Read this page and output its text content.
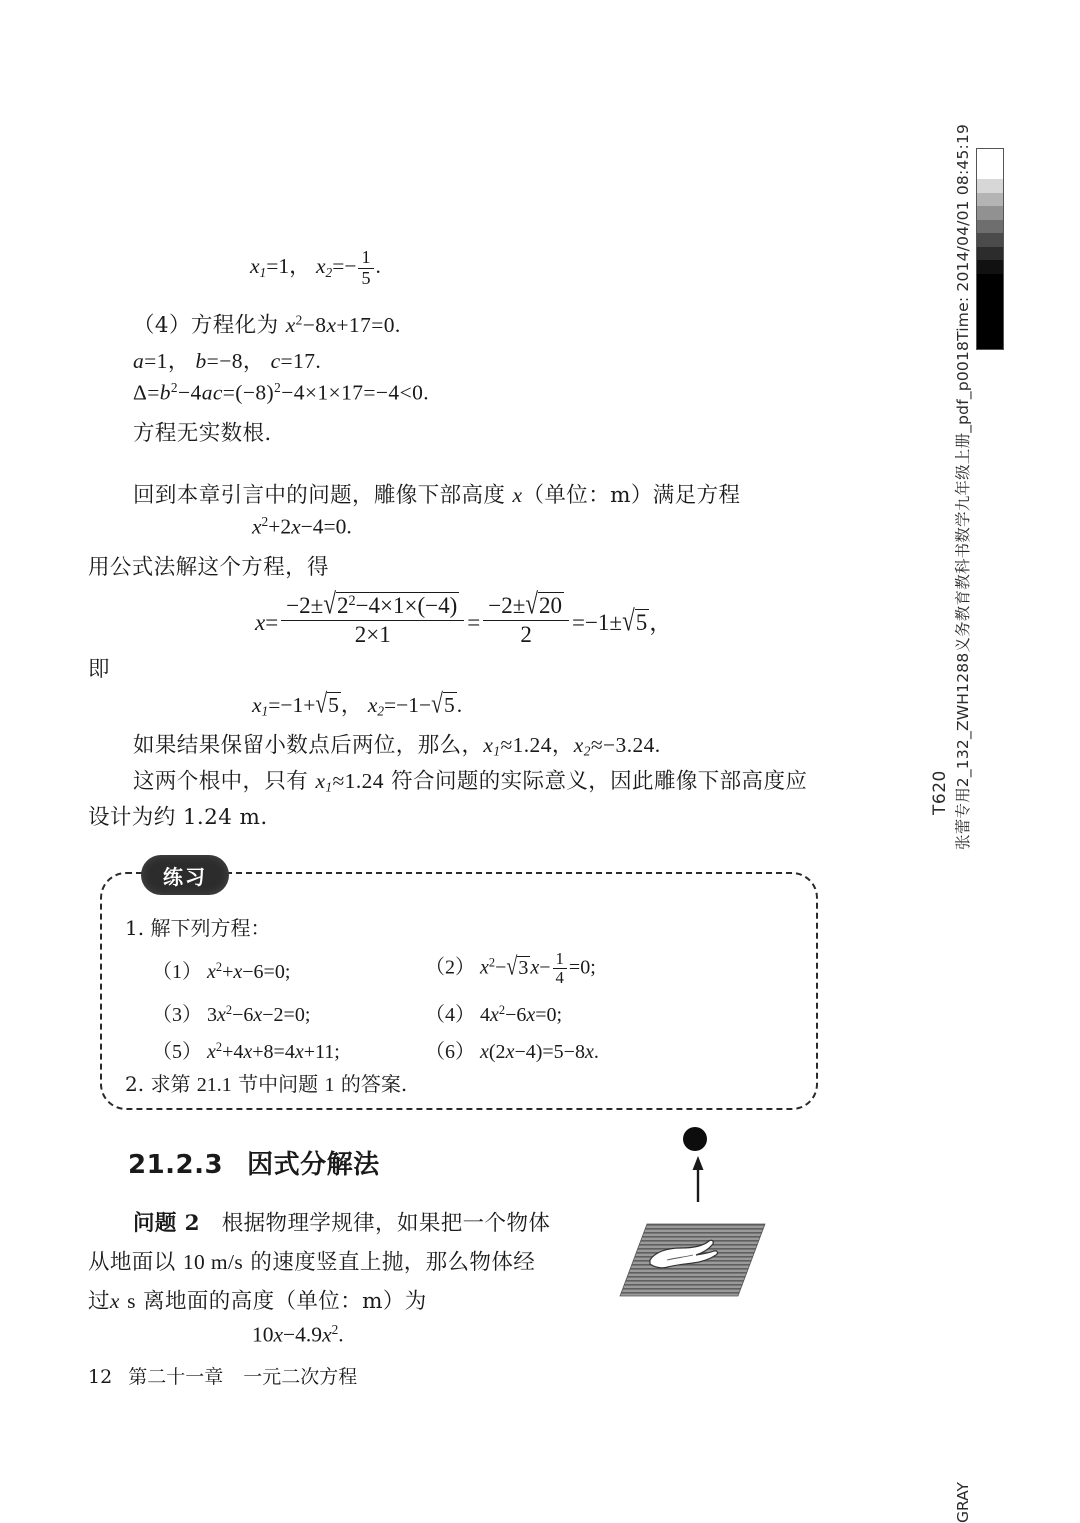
T620 张蕾专用2_132_ZWH1288义务教育教科书数学九年级上册_pdf_p0018Time: 2014/04/01 08:45:19
GRAY
$x_1=1$， $x_2=- \frac{1}{5}$ .
（4）方程化为 $x^2-8x+17=0$.
a=1， b=−8， c=17.
$\Delta=b^2-4ac=(-8)^2-4\times 1\times 17=-4<0$.
方程无实数根.
回到本章引言中的问题，雕像下部高度 x（单位：m）满足方程
$x^2+2x-4=0$.
用公式法解这个方程，得
$x= \frac{-2\pm√2^2-4\times 1\times(-4)}{2\times 1} = \frac{-2\pm√20}{2} =-1\pm√5$，
即
$x_1=-1+√5$， $x_2=-1-√5$.
如果结果保留小数点后两位，那么，$x_1\approx 1.24$，$x_2\approx-3.24$.
这两个根中，只有 $x_1\approx 1.24$ 符合问题的实际意义，因此雕像下部高度应
设计为约 1.24 m.
练习
1. 解下列方程：
（1） $x^2+x-6=0$;	（2） $x^2-√3$ $x- \frac{1}{4} =0$;
（3） $3x^2-6x-2=0$;	（4） $4x^2-6x=0$;
（5） $x^2+4x+8=4x+11$;	（6） x(2x−4)=5−8x.
2. 求第 21.1 节中问题 1 的答案.
21.2.3 因式分解法
问题 2   根据物理学规律，如果把一个物体
从地面以 10 m/s 的速度竖直上抛，那么物体经
过x s 离地面的高度（单位：m）为
$10x-4.9x^2$.
12 第二十一章 一元二次方程
